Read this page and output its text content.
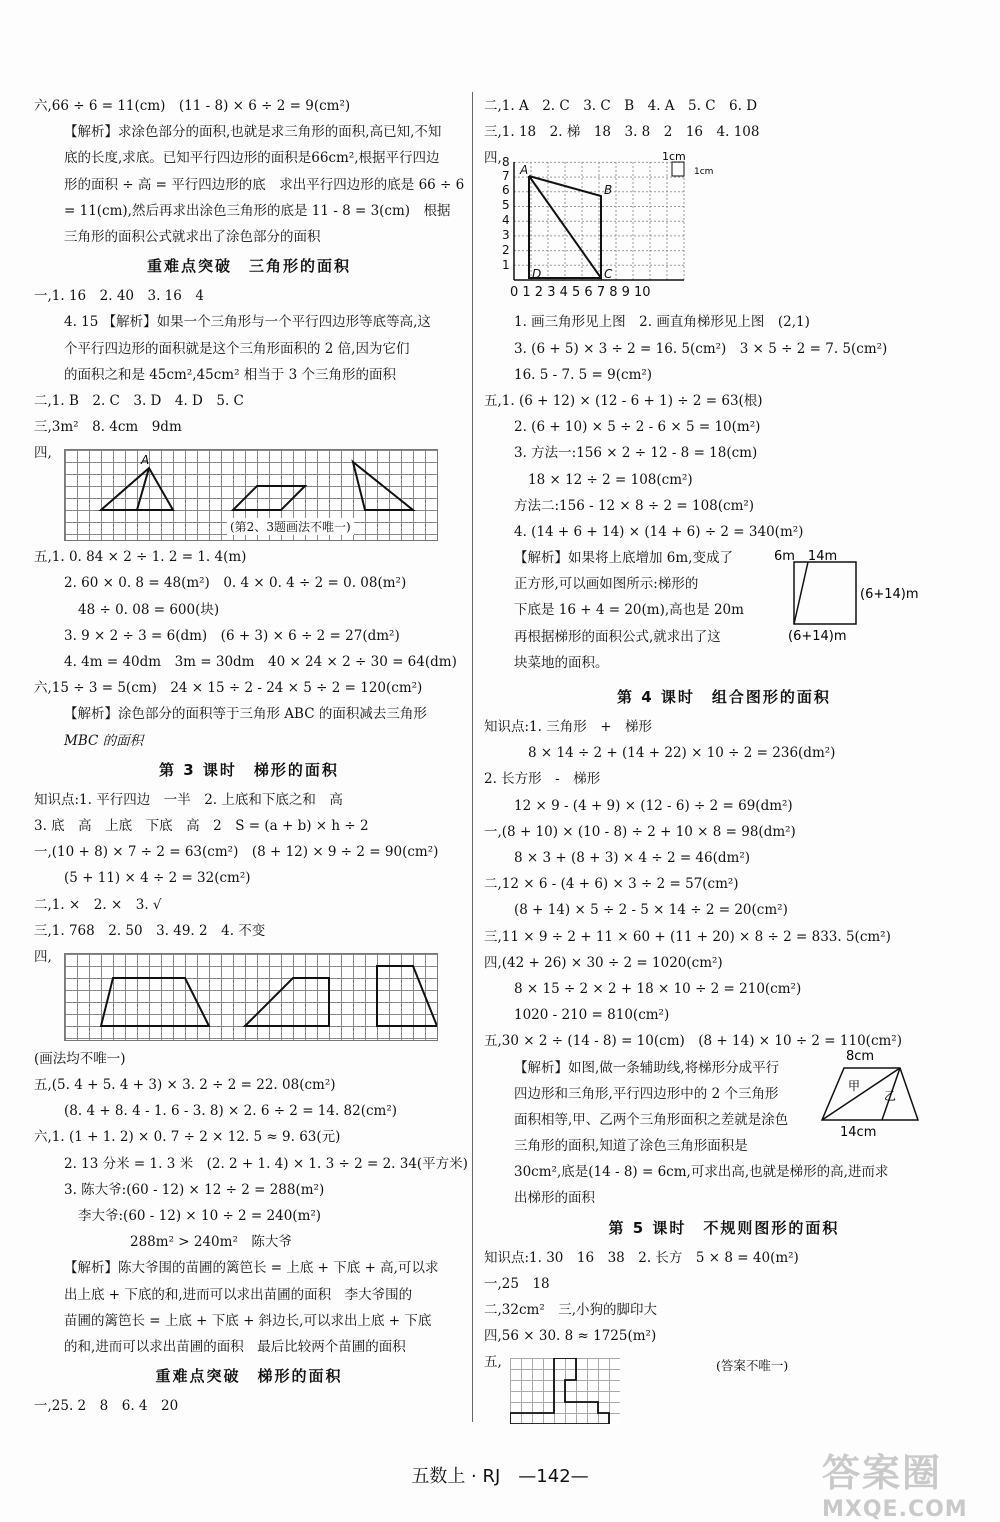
六,66 ÷ 6 = 11(cm)　(11 - 8) × 6 ÷ 2 = 9(cm²)
【解析】求涂色部分的面积,也就是求三角形的面积,高已知,不知
底的长度,求底。已知平行四边形的面积是66cm²,根据平行四边
形的面积 ÷ 高 = 平行四边形的底　求出平行四边形的底是 66 ÷ 6
= 11(cm),然后再求出涂色三角形的底是 11 - 8 = 3(cm)　根据
三角形的面积公式就求出了涂色部分的面积
重难点突破　三角形的面积
一,1. 16　2. 40　3. 16　4
4. 15 【解析】如果一个三角形与一个平行四边形等底等高,这
个平行四边形的面积就是这个三角形面积的 2 倍,因为它们
的面积之和是 45cm²,45cm² 相当于 3 个三角形的面积
二,1. B　2. C　3. D　4. D　5. C
三,3m²　8. 4cm　9dm
四,	A
(第2、3题画法不唯一)
五,1. 0. 84 × 2 ÷ 1. 2 = 1. 4(m)
2. 60 × 0. 8 = 48(m²)　0. 4 × 0. 4 ÷ 2 = 0. 08(m²)
48 ÷ 0. 08 = 600(块)
3. 9 × 2 ÷ 3 = 6(dm)　(6 + 3) × 6 ÷ 2 = 27(dm²)
4. 4m = 40dm　3m = 30dm　40 × 24 × 2 ÷ 30 = 64(dm)
六,15 ÷ 3 = 5(cm)　24 × 15 ÷ 2 - 24 × 5 ÷ 2 = 120(cm²)
【解析】涂色部分的面积等于三角形 ABC 的面积减去三角形
MBC 的面积
第 3 课时　梯形的面积
知识点:1. 平行四边　一半　2. 上底和下底之和　高
3. 底　高　上底　下底　高　2　S = (a + b) × h ÷ 2
一,(10 + 8) × 7 ÷ 2 = 63(cm²)　(8 + 12) × 9 ÷ 2 = 90(cm²)
(5 + 11) × 4 ÷ 2 = 32(cm²)
二,1. ×　2. ×　3. √
三,1. 768　2. 50　3. 49. 2　4. 不变
四,
(画法均不唯一)
五,(5. 4 + 5. 4 + 3) × 3. 2 ÷ 2 = 22. 08(cm²)
(8. 4 + 8. 4 - 1. 6 - 3. 8) × 2. 6 ÷ 2 = 14. 82(cm²)
六,1. (1 + 1. 2) × 0. 7 ÷ 2 × 12. 5 ≈ 9. 63(元)
2. 13 分米 = 1. 3 米　(2. 2 + 1. 4) × 1. 3 ÷ 2 = 2. 34(平方米)
3. 陈大爷:(60 - 12) × 12 ÷ 2 = 288(m²)
李大爷:(60 - 12) × 10 ÷ 2 = 240(m²)
288m² > 240m²　陈大爷
【解析】陈大爷围的苗圃的篱笆长 = 上底 + 下底 + 高,可以求
出上底 + 下底的和,进而可以求出苗圃的面积　李大爷围的
苗圃的篱笆长 = 上底 + 下底 + 斜边长,可以求出上底 + 下底
的和,进而可以求出苗圃的面积　最后比较两个苗圃的面积
重难点突破　梯形的面积
一,25. 2　8　6. 4　20
二,1. A　2. C　3. C　B　4. A　5. C　6. D
三,1. 18　2. 梯　18　3. 8　2　16　4. 108
四, 8
7
6
5
4
3
2
1
0 1 2 3 4 5 6 7 8 9 10
A
B
C
D
1cm
1cm
1. 画三角形见上图　2. 画直角梯形见上图　(2,1)
3. (6 + 5) × 3 ÷ 2 = 16. 5(cm²)　3 × 5 ÷ 2 = 7. 5(cm²)
16. 5 - 7. 5 = 9(cm²)
五,1. (6 + 12) × (12 - 6 + 1) ÷ 2 = 63(根)
2. (6 + 10) × 5 ÷ 2 - 6 × 5 = 10(m²)
3. 方法一:156 × 2 ÷ 12 - 8 = 18(cm)
18 × 12 ÷ 2 = 108(cm²)
方法二:156 - 12 × 8 ÷ 2 = 108(cm²)
4. (14 + 6 + 14) × (14 + 6) ÷ 2 = 340(m²)
【解析】如果将上底增加 6m,变成了
正方形,可以画如图所示:梯形的
下底是 16 + 4 = 20(m),高也是 20m
再根据梯形的面积公式,就求出了这
块菜地的面积。
6m　14m
(6+14)m
(6+14)m
第 4 课时　组合图形的面积
知识点:1. 三角形　+　梯形
8 × 14 ÷ 2 + (14 + 22) × 10 ÷ 2 = 236(dm²)
2. 长方形　-　梯形
12 × 9 - (4 + 9) × (12 - 6) ÷ 2 = 69(dm²)
一,(8 + 10) × (10 - 8) ÷ 2 + 10 × 8 = 98(dm²)
8 × 3 + (8 + 3) × 4 ÷ 2 = 46(dm²)
二,12 × 6 - (4 + 6) × 3 ÷ 2 = 57(cm²)
(8 + 14) × 5 ÷ 2 - 5 × 14 ÷ 2 = 20(cm²)
三,11 × 9 ÷ 2 + 11 × 60 + (11 + 20) × 8 ÷ 2 = 833. 5(cm²)
四,(42 + 26) × 30 ÷ 2 = 1020(cm²)
8 × 15 ÷ 2 × 2 + 18 × 10 ÷ 2 = 210(cm²)
1020 - 210 = 810(cm²)
五,30 × 2 ÷ (14 - 8) = 10(cm)　(8 + 14) × 10 ÷ 2 = 110(cm²)
【解析】如图,做一条辅助线,将梯形分成平行
四边形和三角形,平行四边形中的 2 个三角形
面积相等,甲、乙两个三角形面积之差就是涂色
三角形的面积,知道了涂色三角形面积是
30cm²,底是(14 - 8) = 6cm,可求出高,也就是梯形的高,进而求
出梯形的面积
8cm
甲
乙
14cm
第 5 课时　不规则图形的面积
知识点:1. 30　16　38　2. 长方　5 × 8 = 40(m²)
一,25　18
二,32cm²　三,小狗的脚印大
四,56 × 30. 8 ≈ 1725(m²)
五,	(答案不唯一)
五数上 · RJ　—142—	答案圈
MXQE.COM
